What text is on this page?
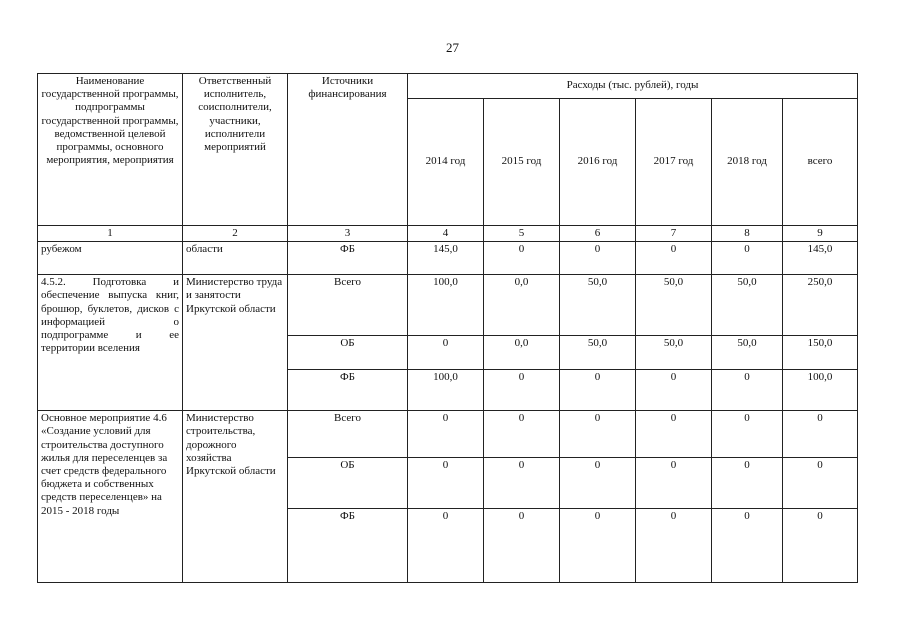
27
Наименование государственной программы, подпрограммы государственной программы, ведомственной целевой программы, основного мероприятия, мероприятия	Ответственный исполнитель, соисполнители, участники, исполнители мероприятий	Источники финансирования	Расходы (тыс. рублей), годы					
			2014 год	2015 год	2016 год	2017 год	2018 год	всего
1	2	3	4	5	6	7	8	9
рубежом	области	ФБ	145,0	0	0	0	0	145,0
4.5.2. Подготовка и обеспечение выпуска книг, брошюр, буклетов, дисков с информацией о подпрограмме и ее территории вселения	Министерство труда и занятости Иркутской области	Всего	100,0	0,0	50,0	50,0	50,0	250,0
		ОБ	0	0,0	50,0	50,0	50,0	150,0
		ФБ	100,0	0	0	0	0	100,0
Основное мероприятие 4.6 «Создание условий для строительства доступного жилья для переселенцев за счет средств федерального бюджета и собственных средств переселенцев» на 2015 - 2018 годы	Министерство строительства, дорожного хозяйства Иркутской области	Всего	0	0	0	0	0	0
		ОБ	0	0	0	0	0	0
		ФБ	0	0	0	0	0	0
